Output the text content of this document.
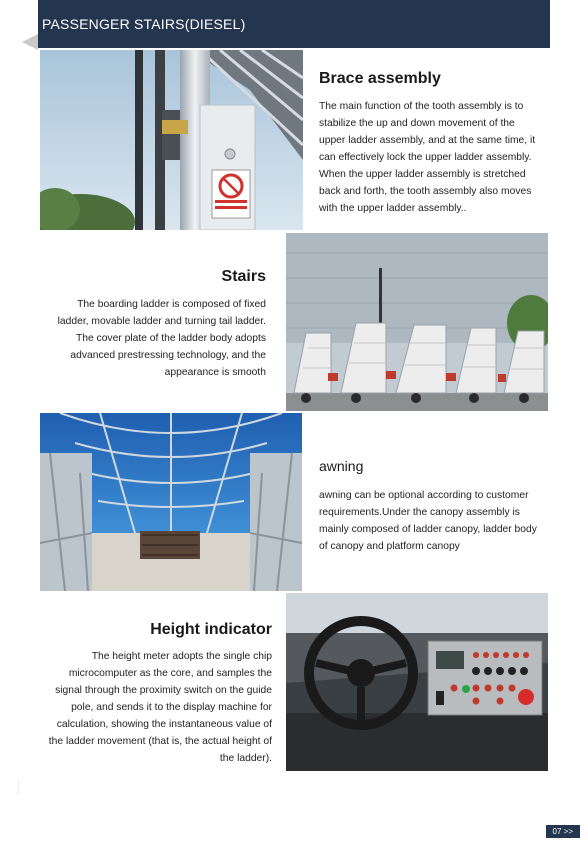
PASSENGER STAIRS(DIESEL)
Brace assembly
The main function of the tooth assembly is to stabilize the up and down movement of the upper ladder assembly, and at the same time, it can effectively lock the upper ladder assembly. When the upper ladder assembly is stretched back and forth, the tooth assembly also moves with the upper ladder assembly..
Stairs
The boarding ladder is composed of fixed ladder, movable ladder and turning tail ladder. The cover plate of the ladder body adopts advanced prestressing technology, and the appearance is smooth
awning
awning can be optional according to customer requirements.Under the canopy assembly is mainly composed of ladder canopy, ladder body of canopy and platform canopy
Height indicator
The height meter adopts the single chip microcomputer as the core, and samples the signal through the proximity switch on the guide pole, and sends it to the display machine for calculation, showing the instantaneous value of the ladder movement (that is, the actual height of the ladder).
07 >>
